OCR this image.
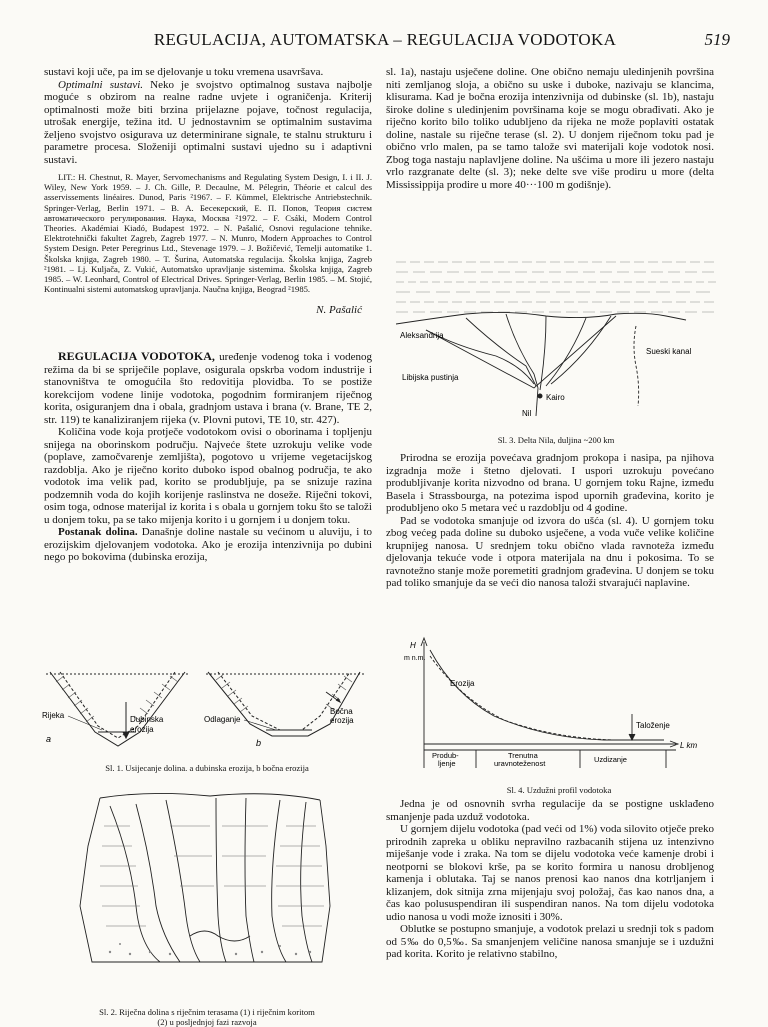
REGULACIJA, AUTOMATSKA – REGULACIJA VODOTOKA	519

sustavi koji uče, pa im se djelovanje u toku vremena usavršava.

Optimalni sustavi. Neko je svojstvo optimalnog sustava najbolje moguće s obzirom na realne radne uvjete i ograničenja. Kriterij optimalnosti može biti brzina prijelazne pojave, točnost regulacija, utrošak energije, težina itd. U jednostavnim se optimalnim sustavima željeno svojstvo osigurava uz determinirane signale, te stalnu strukturu i parametre procesa. Složeniji optimalni sustavi ujedno su i adaptivni sustavi.

LIT.: H. Chestnut, R. Mayer, Servomechanisms and Regulating System Design, I. i II. J. Wiley, New York 1959. – J. Ch. Gille, P. Decaulne, M. Pélegrin, Théorie et calcul des asservissements linéaires. Dunod, Paris ²1967. – F. Kümmel, Elektrische Antriebstechnik. Springer-Verlag, Berlin 1971. – В. А. Бесекерский, Е. П. Попов, Теория систем автоматического регулирования. Наука, Москва ²1972. – F. Csáki, Modern Control Theories. Akadémiai Kiadó, Budapest 1972. – N. Pašalić, Osnovi regulacione tehnike. Elektrotehnički fakultet Zagreb, Zagreb 1977. – N. Munro, Modern Approaches to Control System Design. Peter Peregrinus Ltd., Stevenage 1979. – J. Božičević, Temelji automatike 1. Školska knjiga, Zagreb 1980. – T. Šurina, Automatska regulacija. Školska knjiga, Zagreb ²1981. – Lj. Kuljača, Z. Vukić, Automatsko upravljanje sistemima. Školska knjiga, Zagreb 1985. – W. Leonhard, Control of Electrical Drives. Springer-Verlag, Berlin 1985. – M. Stojić, Kontinualni sistemi automatskog upravljanja. Naučna knjiga, Beograd ²1985.

N. Pašalić

REGULACIJA VODOTOKA, uređenje vodenog toka i vodenog režima da bi se spriječile poplave, osigurala opskrba vodom industrije i stanovništva te omogućila što redovitija plovidba. To se postiže korekcijom vodene linije vodotoka, pogodnim formiranjem riječnog korita, osiguranjem dna i obala, gradnjom ustava i brana (v. Brane, TE 2, str. 119) te kanaliziranjem rijeka (v. Plovni putovi, TE 10, str. 427).

Količina vode koja protječe vodotokom ovisi o oborinama i topljenju snijega na oborinskom području. Najveće štete uzrokuju velike vode (poplave, zamočvarenje zemljišta), pogotovo u vrijeme vegetacijskog razdoblja. Ako je riječno korito duboko ispod obalnog područja, te ako vodotok ima velik pad, korito se produbljuje, pa se snizuje razina podzemnih voda do kojih korijenje raslinstva ne doseže. Riječni tokovi, osim toga, odnose materijal iz korita i s obala u gornjem toku što se taloži u donjem toku, pa se tako mijenja korito i u gornjem i u donjem toku.

Postanak dolina. Današnje doline nastale su većinom u aluviju, i to erozijskim djelovanjem vodotoka. Ako je erozija intenzivnija po dubini nego po bokovima (dubinska erozija,

Rijeka	Dubinska
erozija
a
Odlaganje
Bočna
erozija
b
Sl. 1. Usijecanje dolina. a dubinska erozija, b bočna erozija
Sl. 2. Riječna dolina s riječnim terasama (1) i riječnim koritom
(2) u posljednjoj fazi razvoja

sl. 1a), nastaju usječene doline. One obično nemaju uledinjenih površina niti zemljanog sloja, a obično su uske i duboke, nazivaju se klancima, klisurama. Kad je bočna erozija intenzivnija od dubinske (sl. 1b), nastaju široke doline s uledinjenim površinama koje se mogu obrađivati. Ako je riječno korito bilo toliko udubljeno da rijeka ne može poplaviti ostatak doline, nastale su riječne terase (sl. 2). U donjem riječnom toku pad je obično vrlo malen, pa se tamo talože svi materijali koje vodotok nosi. Zbog toga nastaju naplavljene doline. Na ušćima u more ili jezero nastaju vrlo razgranate delte (sl. 3); neke delte sve više prodiru u more (delta Mississippija prodire u more 40···100 m godišnje).

Aleksandrija
Sueski kanal
Libijska pustinja
Kairo
Nil
Sl. 3. Delta Nila, duljina ~200 km

Prirodna se erozija povećava gradnjom prokopa i nasipa, pa njihova izgradnja može i štetno djelovati. I uspori uzrokuju povećano produbljivanje korita nizvodno od brana. U gornjem toku Rajne, između Basela i Strassbourga, na potezima ispod upornih građevina, korito je produbljeno oko 5 metara već u razdoblju od 4 godine.

Pad se vodotoka smanjuje od izvora do ušća (sl. 4). U gornjem toku zbog većeg pada doline su duboko usječene, a voda vuče velike količine krupnijeg nanosa. U srednjem toku obično vlada ravnoteža između djelovanja tekuće vode i otpora materijala na dnu i pokosima. To se ravnotežno stanje može poremetiti gradnjom građevina. U donjem se toku pad toliko smanjuje da se veći dio nanosa taloži stvarajući naplavine.

H
m n.m.
Erozija
Taloženje
Produb-
ljenje
Trenutna
uravnoteženost	Uzdizanje
L km
Sl. 4. Uzdužni profil vodotoka

Jedna je od osnovnih svrha regulacije da se postigne usklađeno smanjenje pada uzduž vodotoka.

U gornjem dijelu vodotoka (pad veći od 1%) voda silovito otječe preko prirodnih zapreka u obliku nepravilno razbacanih stijena uz intenzivno miješanje vode i zraka. Na tom se dijelu vodotoka veće kamenje drobi i neotporni se blokovi krše, pa se korito formira u nanosu drobljenog kamenja i oblutaka. Taj se nanos prenosi kao nanos dna kotrljanjem i klizanjem, dok sitnija zrna mijenjaju svoj položaj, čas kao nanos dna, a čas kao polususpendiran ili suspendiran nanos. Na tom dijelu vodotoka udio nanosa u vodi može iznositi i 30%.

Oblutke se postupno smanjuje, a vodotok prelazi u srednji tok s padom od 5‰ do 0,5‰. Sa smanjenjem veličine nanosa smanjuje se i uzdužni pad korita. Korito je relativno stabilno,
